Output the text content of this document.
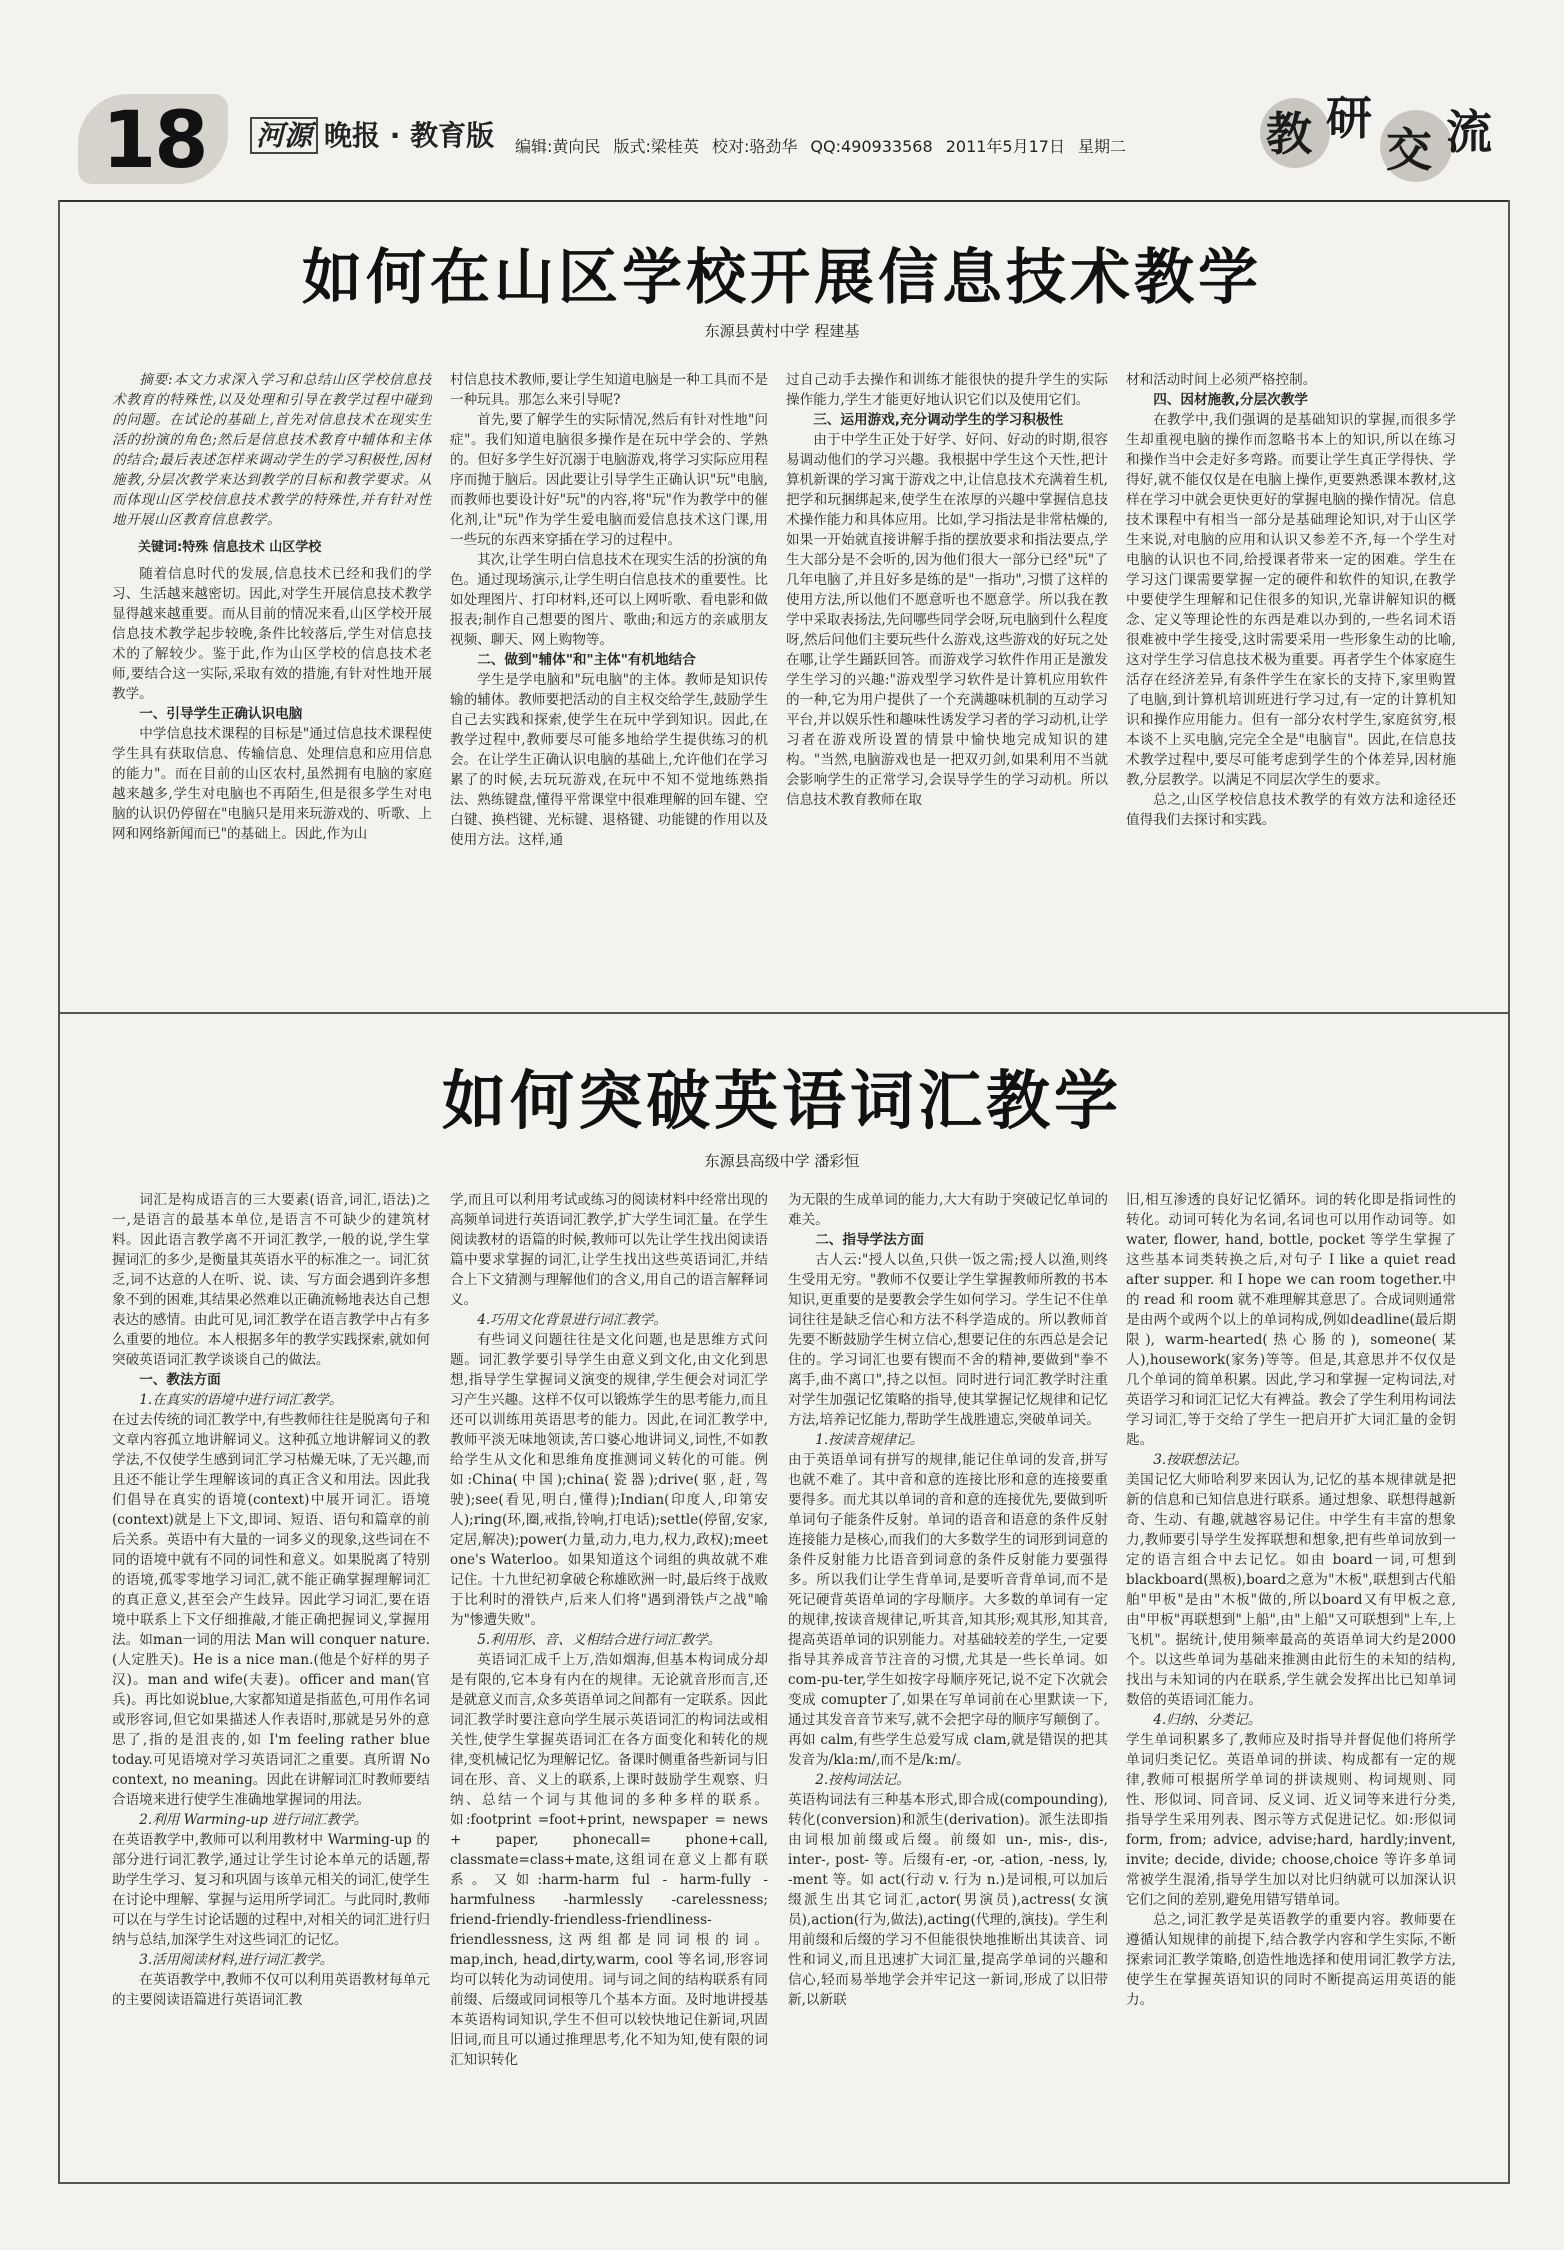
18 河源 晚报 · 教育版 编辑:黄向民 版式:梁桂英 校对:骆劲华 QQ:490933568 2011年5月17日 星期二	教 研
交 流
如何在山区学校开展信息技术教学
东源县黄村中学 程建基

摘要:本文力求深入学习和总结山区学校信息技术教育的特殊性,以及处理和引导在教学过程中碰到的问题。在试论的基础上,首先对信息技术在现实生活的扮演的角色;然后是信息技术教育中辅体和主体的结合;最后表述怎样来调动学生的学习积极性,因材施教,分层次教学来达到教学的目标和教学要求。从而体现山区学校信息技术教学的特殊性,并有针对性地开展山区教育信息教学。

关键词:特殊 信息技术 山区学校

随着信息时代的发展,信息技术已经和我们的学习、生活越来越密切。因此,对学生开展信息技术教学显得越来越重要。而从目前的情况来看,山区学校开展信息技术教学起步较晚,条件比较落后,学生对信息技术的了解较少。鉴于此,作为山区学校的信息技术老师,要结合这一实际,采取有效的措施,有针对性地开展教学。

一、引导学生正确认识电脑

中学信息技术课程的目标是"通过信息技术课程使学生具有获取信息、传输信息、处理信息和应用信息的能力"。而在目前的山区农村,虽然拥有电脑的家庭越来越多,学生对电脑也不再陌生,但是很多学生对电脑的认识仍停留在"电脑只是用来玩游戏的、听歌、上网和网络新闻而已"的基础上。因此,作为山

村信息技术教师,要让学生知道电脑是一种工具而不是一种玩具。那怎么来引导呢?

首先,要了解学生的实际情况,然后有针对性地"问症"。我们知道电脑很多操作是在玩中学会的、学熟的。但好多学生好沉溺于电脑游戏,将学习实际应用程序而抛于脑后。因此要让引导学生正确认识"玩"电脑,而教师也要设计好"玩"的内容,将"玩"作为教学中的催化剂,让"玩"作为学生爱电脑而爱信息技术这门课,用一些玩的东西来穿插在学习的过程中。

其次,让学生明白信息技术在现实生活的扮演的角色。通过现场演示,让学生明白信息技术的重要性。比如处理图片、打印材料,还可以上网听歌、看电影和做报表;制作自己想要的图片、歌曲;和远方的亲戚朋友视频、聊天、网上购物等。

二、做到"辅体"和"主体"有机地结合

学生是学电脑和"玩电脑"的主体。教师是知识传输的辅体。教师要把活动的自主权交给学生,鼓励学生自己去实践和探索,使学生在玩中学到知识。因此,在教学过程中,教师要尽可能多地给学生提供练习的机会。在让学生正确认识电脑的基础上,允许他们在学习累了的时候,去玩玩游戏,在玩中不知不觉地练熟指法、熟练键盘,懂得平常课堂中很难理解的回车键、空白键、换档键、光标键、退格键、功能键的作用以及使用方法。这样,通

过自己动手去操作和训练才能很快的提升学生的实际操作能力,学生才能更好地认识它们以及使用它们。

三、运用游戏,充分调动学生的学习积极性

由于中学生正处于好学、好问、好动的时期,很容易调动他们的学习兴趣。我根据中学生这个天性,把计算机新课的学习寓于游戏之中,让信息技术充满着生机,把学和玩捆绑起来,使学生在浓厚的兴趣中掌握信息技术操作能力和具体应用。比如,学习指法是非常枯燥的,如果一开始就直接讲解手指的摆放要求和指法要点,学生大部分是不会听的,因为他们很大一部分已经"玩"了几年电脑了,并且好多是练的是"一指功",习惯了这样的使用方法,所以他们不愿意听也不愿意学。所以我在教学中采取表扬法,先问哪些同学会呀,玩电脑到什么程度呀,然后问他们主要玩些什么游戏,这些游戏的好玩之处在哪,让学生踊跃回答。而游戏学习软件作用正是激发学生学习的兴趣:"游戏型学习软件是计算机应用软件的一种,它为用户提供了一个充满趣味机制的互动学习平台,并以娱乐性和趣味性诱发学习者的学习动机,让学习者在游戏所设置的情景中愉快地完成知识的建构。"当然,电脑游戏也是一把双刃剑,如果利用不当就会影响学生的正常学习,会误导学生的学习动机。所以信息技术教育教师在取

材和活动时间上必须严格控制。

四、因材施教,分层次教学

在教学中,我们强调的是基础知识的掌握,而很多学生却重视电脑的操作而忽略书本上的知识,所以在练习和操作当中会走好多弯路。而要让学生真正学得快、学得好,就不能仅仅是在电脑上操作,更要熟悉课本教材,这样在学习中就会更快更好的掌握电脑的操作情况。信息技术课程中有相当一部分是基础理论知识,对于山区学生来说,对电脑的应用和认识又参差不齐,每一个学生对电脑的认识也不同,给授课者带来一定的困难。学生在学习这门课需要掌握一定的硬件和软件的知识,在教学中要使学生理解和记住很多的知识,光靠讲解知识的概念、定义等理论性的东西是难以办到的,一些名词术语很难被中学生接受,这时需要采用一些形象生动的比喻,这对学生学习信息技术极为重要。再者学生个体家庭生活存在经济差异,有条件学生在家长的支持下,家里购置了电脑,到计算机培训班进行学习过,有一定的计算机知识和操作应用能力。但有一部分农村学生,家庭贫穷,根本谈不上买电脑,完完全全是"电脑盲"。因此,在信息技术教学过程中,要尽可能考虑到学生的个体差异,因材施教,分层教学。以满足不同层次学生的要求。

总之,山区学校信息技术教学的有效方法和途径还值得我们去探讨和实践。

如何突破英语词汇教学
东源县高级中学 潘彩恒

词汇是构成语言的三大要素(语音,词汇,语法)之一,是语言的最基本单位,是语言不可缺少的建筑材料。因此语言教学离不开词汇教学,一般的说,学生掌握词汇的多少,是衡量其英语水平的标准之一。词汇贫乏,词不达意的人在听、说、读、写方面会遇到许多想象不到的困难,其结果必然难以正确流畅地表达自己想表达的感情。由此可见,词汇教学在语言教学中占有多么重要的地位。本人根据多年的教学实践探索,就如何突破英语词汇教学谈谈自己的做法。

一、教法方面

1.在真实的语境中进行词汇教学。

在过去传统的词汇教学中,有些教师往往是脱离句子和文章内容孤立地讲解词义。这种孤立地讲解词义的教学法,不仅使学生感到词汇学习枯燥无味,了无兴趣,而且还不能让学生理解该词的真正含义和用法。因此我们倡导在真实的语境(context)中展开词汇。语境(context)就是上下文,即词、短语、语句和篇章的前后关系。英语中有大量的一词多义的现象,这些词在不同的语境中就有不同的词性和意义。如果脱离了特别的语境,孤零零地学习词汇,就不能正确掌握理解词汇的真正意义,甚至会产生歧异。因此学习词汇,要在语境中联系上下文仔细推敲,才能正确把握词义,掌握用法。如man一词的用法 Man will conquer nature.(人定胜天)。He is a nice man.(他是个好样的男子汉)。man and wife(夫妻)。officer and man(官兵)。再比如说blue,大家都知道是指蓝色,可用作名词或形容词,但它如果描述人作表语时,那就是另外的意思了,指的是沮丧的,如 I'm feeling rather blue today.可见语境对学习英语词汇之重要。真所谓 No context, no meaning。因此在讲解词汇时教师要结合语境来进行使学生准确地掌握词的用法。

2.利用 Warming-up 进行词汇教学。

在英语教学中,教师可以利用教材中 Warming-up 的部分进行词汇教学,通过让学生讨论本单元的话题,帮助学生学习、复习和巩固与该单元相关的词汇,使学生在讨论中理解、掌握与运用所学词汇。与此同时,教师可以在与学生讨论话题的过程中,对相关的词汇进行归纳与总结,加深学生对这些词汇的记忆。

3.活用阅读材料,进行词汇教学。

在英语教学中,教师不仅可以利用英语教材每单元的主要阅读语篇进行英语词汇教

学,而且可以利用考试或练习的阅读材料中经常出现的高频单词进行英语词汇教学,扩大学生词汇量。在学生阅读教材的语篇的时候,教师可以先让学生找出阅读语篇中要求掌握的词汇,让学生找出这些英语词汇,并结合上下文猜测与理解他们的含义,用自己的语言解释词义。

4.巧用文化背景进行词汇教学。

有些词义问题往往是文化问题,也是思维方式问题。词汇教学要引导学生由意义到文化,由文化到思想,指导学生掌握词义演变的规律,学生便会对词汇学习产生兴趣。这样不仅可以锻炼学生的思考能力,而且还可以训练用英语思考的能力。因此,在词汇教学中,教师平淡无味地领读,苦口婆心地讲词义,词性,不如教给学生从文化和思维角度推测词义转化的可能。例如:China(中国);china(瓷器);drive(驱,赶,驾驶);see(看见,明白,懂得);Indian(印度人,印第安人);ring(环,圈,戒指,铃响,打电话);settle(停留,安家,定居,解决);power(力量,动力,电力,权力,政权);meet one's Waterloo。如果知道这个词组的典故就不难记住。十九世纪初拿破仑称雄欧洲一时,最后终于战败于比利时的滑铁卢,后来人们将"遇到滑铁卢之战"喻为"惨遭失败"。

5.利用形、音、义相结合进行词汇教学。

英语词汇成千上万,浩如烟海,但基本构词成分却是有限的,它本身有内在的规律。无论就音形而言,还是就意义而言,众多英语单词之间都有一定联系。因此词汇教学时要注意向学生展示英语词汇的构词法或相关性,使学生掌握英语词汇在各方面变化和转化的规律,变机械记忆为理解记忆。备课时侧重备些新词与旧词在形、音、义上的联系,上课时鼓励学生观察、归纳、总结一个词与其他词的多种多样的联系。如:footprint =foot+print, newspaper = news + paper, phonecall= phone+call, classmate=class+mate,这组词在意义上都有联系。又如:harm-harm ful - harm-fully -harmfulness -harmlessly -carelessness; friend-friendly-friendless-friendliness-friendlessness,这两组都是同词根的词。map,inch, head,dirty,warm, cool 等名词,形容词均可以转化为动词使用。词与词之间的结构联系有同前缀、后缀或同词根等几个基本方面。及时地讲授基本英语构词知识,学生不但可以较快地记住新词,巩固旧词,而且可以通过推理思考,化不知为知,使有限的词汇知识转化

为无限的生成单词的能力,大大有助于突破记忆单词的难关。

二、指导学法方面

古人云:"授人以鱼,只供一饭之需;授人以渔,则终生受用无穷。"教师不仅要让学生掌握教师所教的书本知识,更重要的是要教会学生如何学习。学生记不住单词往往是缺乏信心和方法不科学造成的。所以教师首先要不断鼓励学生树立信心,想要记住的东西总是会记住的。学习词汇也要有锲而不舍的精神,要做到"拳不离手,曲不离口",持之以恒。同时进行词汇教学时注重对学生加强记忆策略的指导,使其掌握记忆规律和记忆方法,培养记忆能力,帮助学生战胜遗忘,突破单词关。

1.按读音规律记。

由于英语单词有拼写的规律,能记住单词的发音,拼写也就不难了。其中音和意的连接比形和意的连接要重要得多。而尤其以单词的音和意的连接优先,要做到听单词句子能条件反射。单词的语音和语意的条件反射连接能力是核心,而我们的大多数学生的词形到词意的条件反射能力比语音到词意的条件反射能力要强得多。所以我们让学生背单词,是要听音背单词,而不是死记硬背英语单词的字母顺序。大多数的单词有一定的规律,按读音规律记,听其音,知其形;观其形,知其音,提高英语单词的识别能力。对基础较差的学生,一定要指导其养成音节注音的习惯,尤其是一些长单词。如 com-pu-ter,学生如按字母顺序死记,说不定下次就会变成 comupter了,如果在写单词前在心里默读一下,通过其发音音节来写,就不会把字母的顺序写颠倒了。再如 calm,有些学生总爱写成 clam,就是错误的把其发音为/kla:m/,而不是/k:m/。

2.按构词法记。

英语构词法有三种基本形式,即合成(compounding),转化(conversion)和派生(derivation)。派生法即指由词根加前缀或后缀。前缀如 un-, mis-, dis-, inter-, post- 等。后缀有-er, -or, -ation, -ness, ly, -ment 等。如 act(行动 v. 行为 n.)是词根,可以加后缀派生出其它词汇,actor(男演员),actress(女演员),action(行为,做法),acting(代理的,演技)。学生利用前缀和后缀的学习不但能很快地推断出其读音、词性和词义,而且迅速扩大词汇量,提高学单词的兴趣和信心,轻而易举地学会并牢记这一新词,形成了以旧带新,以新联

旧,相互渗透的良好记忆循环。词的转化即是指词性的转化。动词可转化为名词,名词也可以用作动词等。如 water, flower, hand, bottle, pocket 等学生掌握了这些基本词类转换之后,对句子 I like a quiet read after supper. 和 I hope we can room together.中的 read 和 room 就不难理解其意思了。合成词则通常是由两个或两个以上的单词构成,例如deadline(最后期限), warm-hearted(热心肠的), someone(某人),housework(家务)等等。但是,其意思并不仅仅是几个单词的简单积累。因此,学习和掌握一定构词法,对英语学习和词汇记忆大有裨益。教会了学生利用构词法学习词汇,等于交给了学生一把启开扩大词汇量的金钥匙。

3.按联想法记。

美国记忆大师哈利罗来因认为,记忆的基本规律就是把新的信息和已知信息进行联系。通过想象、联想得越新奇、生动、有趣,就越容易记住。中学生有丰富的想象力,教师要引导学生发挥联想和想象,把有些单词放到一定的语言组合中去记忆。如由 board一词,可想到blackboard(黑板),board之意为"木板",联想到古代船舶"甲板"是由"木板"做的,所以board又有甲板之意,由"甲板"再联想到"上船",由"上船"又可联想到"上车,上飞机"。据统计,使用频率最高的英语单词大约是2000个。以这些单词为基础来推测由此衍生的未知的结构,找出与未知词的内在联系,学生就会发挥出比已知单词数倍的英语词汇能力。

4.归纳、分类记。

学生单词积累多了,教师应及时指导并督促他们将所学单词归类记忆。英语单词的拼读、构成都有一定的规律,教师可根据所学单词的拼读规则、构词规则、同性、形似词、同音词、反义词、近义词等来进行分类,指导学生采用列表、图示等方式促进记忆。如:形似词 form, from; advice, advise;hard, hardly;invent, invite; decide, divide; choose,choice 等许多单词常被学生混淆,指导学生加以对比归纳就可以加深认识它们之间的差别,避免用错写错单词。

总之,词汇教学是英语教学的重要内容。教师要在遵循认知规律的前提下,结合教学内容和学生实际,不断探索词汇教学策略,创造性地选择和使用词汇教学方法,使学生在掌握英语知识的同时不断提高运用英语的能力。
